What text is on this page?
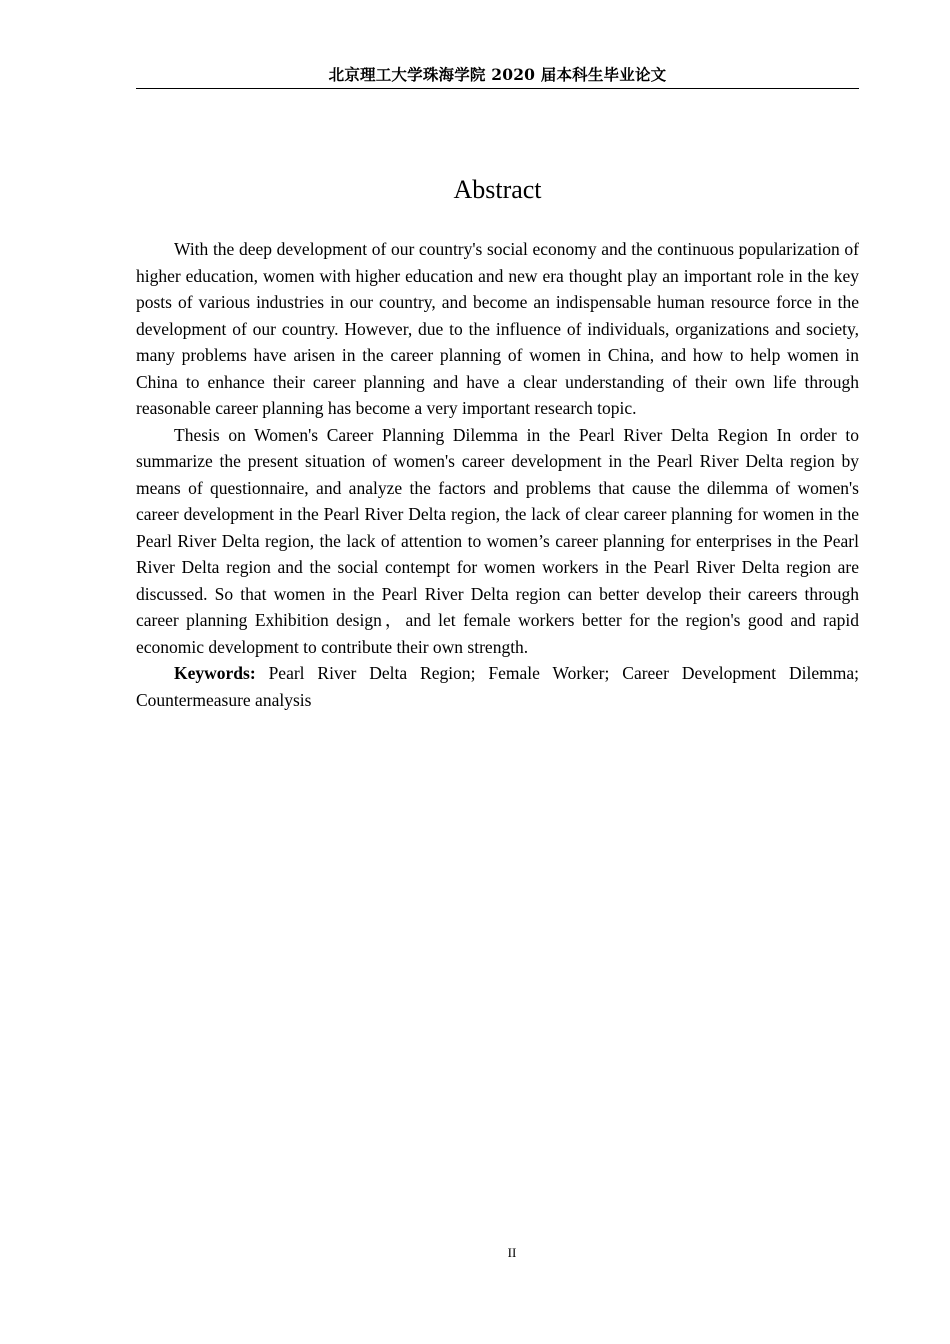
北京理工大学珠海学院 2020 届本科生毕业论文
Abstract

With the deep development of our country's social economy and the continuous popularization of higher education, women with higher education and new era thought play an important role in the key posts of various industries in our country, and become an indispensable human resource force in the development of our country. However, due to the influence of individuals, organizations and society, many problems have arisen in the career planning of women in China, and how to help women in China to enhance their career planning and have a clear understanding of their own life through reasonable career planning has become a very important research topic.

Thesis on Women's Career Planning Dilemma in the Pearl River Delta Region In order to summarize the present situation of women's career development in the Pearl River Delta region by means of questionnaire, and analyze the factors and problems that cause the dilemma of women's career development in the Pearl River Delta region, the lack of clear career planning for women in the Pearl River Delta region, the lack of attention to women’s career planning for enterprises in the Pearl River Delta region and the social contempt for women workers in the Pearl River Delta region are discussed. So that women in the Pearl River Delta region can better develop their careers through career planning Exhibition design，and let female workers better for the region's good and rapid economic development to contribute their own strength.

Keywords: Pearl River Delta Region; Female Worker; Career Development Dilemma; Countermeasure analysis

II
